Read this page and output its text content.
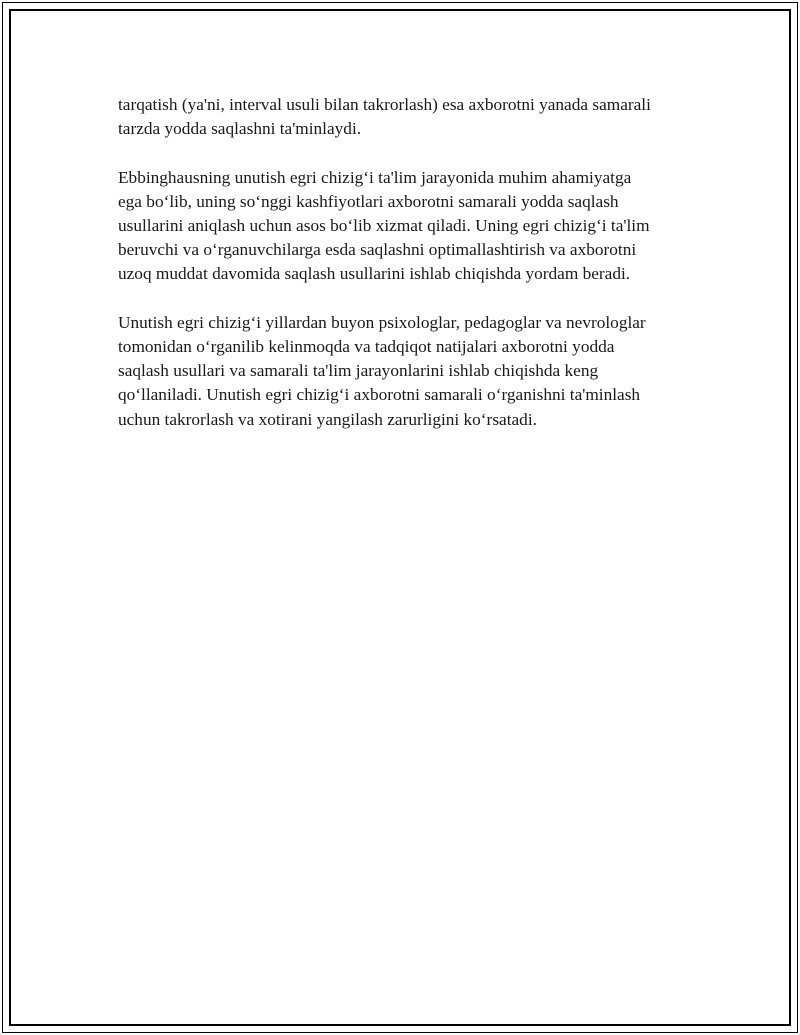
tarqatish (ya'ni, interval usuli bilan takrorlash) esa axborotni yanada samarali
tarzda yodda saqlashni ta'minlaydi.

Ebbinghausning unutish egri chizig‘i ta'lim jarayonida muhim ahamiyatga
ega bo‘lib, uning so‘nggi kashfiyotlari axborotni samarali yodda saqlash
usullarini aniqlash uchun asos bo‘lib xizmat qiladi. Uning egri chizig‘i ta'lim
beruvchi va o‘rganuvchilarga esda saqlashni optimallashtirish va axborotni
uzoq muddat davomida saqlash usullarini ishlab chiqishda yordam beradi.

Unutish egri chizig‘i yillardan buyon psixologlar, pedagoglar va nevrologlar
tomonidan o‘rganilib kelinmoqda va tadqiqot natijalari axborotni yodda
saqlash usullari va samarali ta'lim jarayonlarini ishlab chiqishda keng
qo‘llaniladi. Unutish egri chizig‘i axborotni samarali o‘rganishni ta'minlash
uchun takrorlash va xotirani yangilash zarurligini ko‘rsatadi.
